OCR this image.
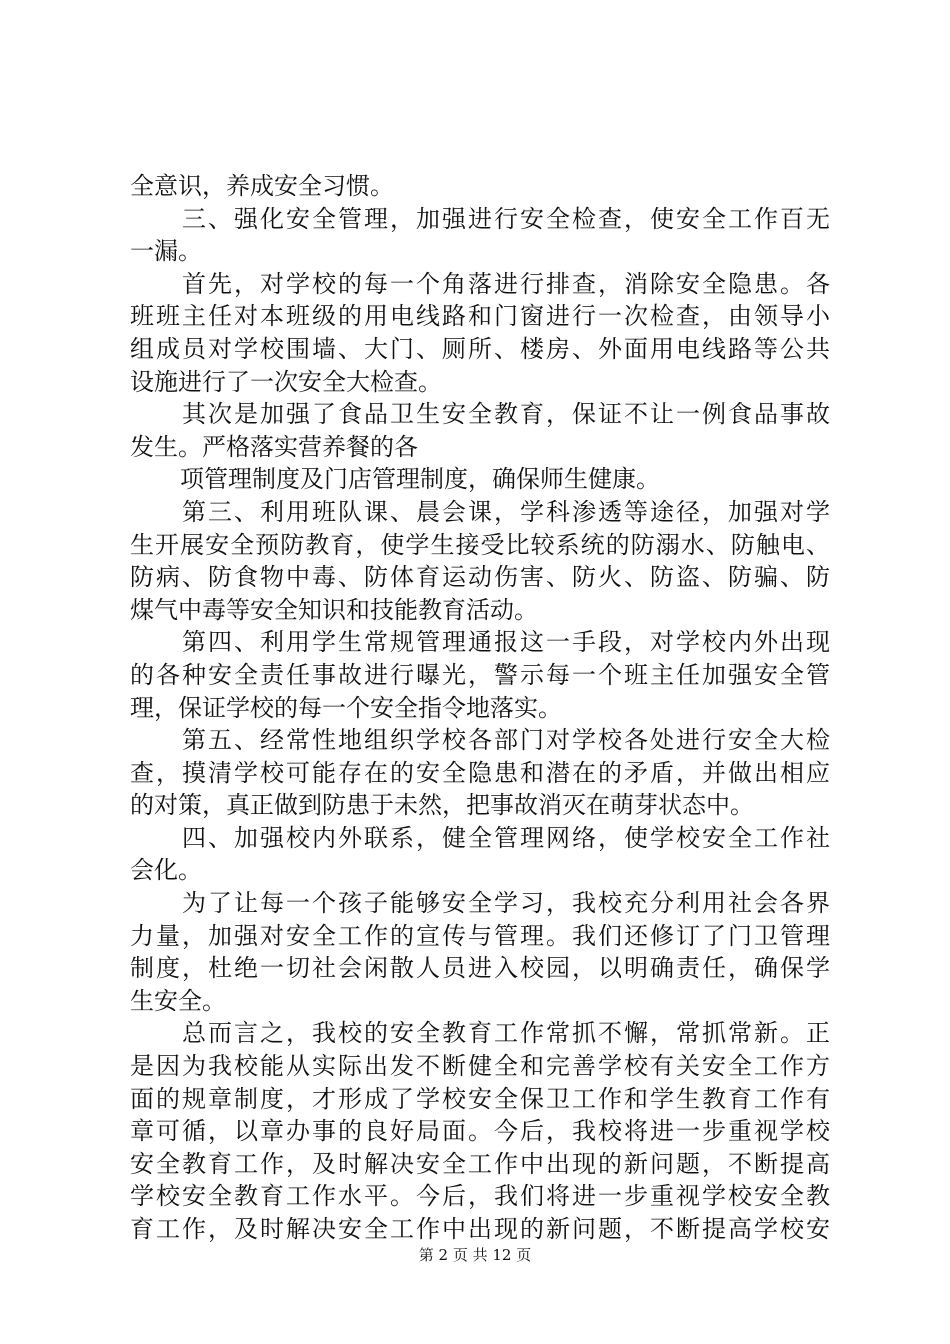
全意识，养成安全习惯。
三、强化安全管理，加强进行安全检查，使安全工作百无
一漏。
首先，对学校的每一个角落进行排查，消除安全隐患。各
班班主任对本班级的用电线路和门窗进行一次检查，由领导小
组成员对学校围墙、大门、厕所、楼房、外面用电线路等公共
设施进行了一次安全大检查。
其次是加强了食品卫生安全教育，保证不让一例食品事故
发生。严格落实营养餐的各
项管理制度及门店管理制度，确保师生健康。
第三、利用班队课、晨会课，学科渗透等途径，加强对学
生开展安全预防教育，使学生接受比较系统的防溺水、防触电、
防病、防食物中毒、防体育运动伤害、防火、防盗、防骗、防
煤气中毒等安全知识和技能教育活动。
第四、利用学生常规管理通报这一手段，对学校内外出现
的各种安全责任事故进行曝光，警示每一个班主任加强安全管
理，保证学校的每一个安全指令地落实。
第五、经常性地组织学校各部门对学校各处进行安全大检
查，摸清学校可能存在的安全隐患和潜在的矛盾，并做出相应
的对策，真正做到防患于未然，把事故消灭在萌芽状态中。
四、加强校内外联系，健全管理网络，使学校安全工作社
会化。
为了让每一个孩子能够安全学习，我校充分利用社会各界
力量，加强对安全工作的宣传与管理。我们还修订了门卫管理
制度，杜绝一切社会闲散人员进入校园，以明确责任，确保学
生安全。
总而言之，我校的安全教育工作常抓不懈，常抓常新。正
是因为我校能从实际出发不断健全和完善学校有关安全工作方
面的规章制度，才形成了学校安全保卫工作和学生教育工作有
章可循，以章办事的良好局面。今后，我校将进一步重视学校
安全教育工作，及时解决安全工作中出现的新问题，不断提高
学校安全教育工作水平。今后，我们将进一步重视学校安全教
育工作，及时解决安全工作中出现的新问题，不断提高学校安
第 2 页 共 12 页
